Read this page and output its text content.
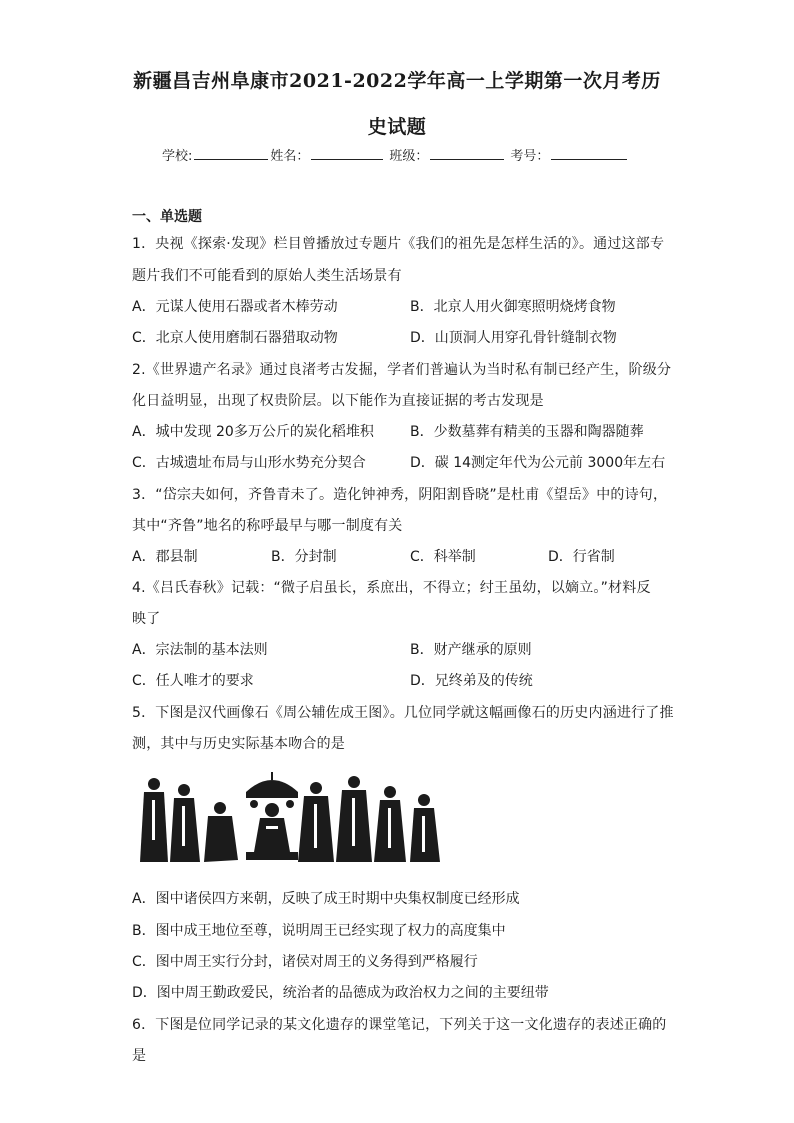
新疆昌吉州阜康市2021-2022学年高一上学期第一次月考历
史试题
学校:	姓名：	班级：	考号：
一、单选题
1．央视《探索·发现》栏目曾播放过专题片《我们的祖先是怎样生活的》。通过这部专
题片我们不可能看到的原始人类生活场景有
A．元谋人使用石器或者木棒劳动	B．北京人用火御寒照明烧烤食物
C．北京人使用磨制石器猎取动物	D．山顶洞人用穿孔骨针缝制衣物
2.《世界遗产名录》通过良渚考古发掘，学者们普遍认为当时私有制已经产生，阶级分
化日益明显，出现了权贵阶层。以下能作为直接证据的考古发现是
A．城中发现 20多万公斤的炭化稻堆积	B．少数墓葬有精美的玉器和陶器随葬
C．古城遗址布局与山形水势充分契合	D．碳 14测定年代为公元前 3000年左右
3．“岱宗夫如何，齐鲁青未了。造化钟神秀，阴阳割昏晓”是杜甫《望岳》中的诗句，
其中“齐鲁”地名的称呼最早与哪一制度有关
A．郡县制	B．分封制	C．科举制	D．行省制
4.《吕氏春秋》记载：“微子启虽长，系庶出，不得立；纣王虽幼，以嫡立。”材料反
映了
A．宗法制的基本法则	B．财产继承的原则
C．任人唯才的要求	D．兄终弟及的传统
5．下图是汉代画像石《周公辅佐成王图》。几位同学就这幅画像石的历史内涵进行了推
测，其中与历史实际基本吻合的是
A．图中诸侯四方来朝，反映了成王时期中央集权制度已经形成
B．图中成王地位至尊，说明周王已经实现了权力的高度集中
C．图中周王实行分封，诸侯对周王的义务得到严格履行
D．图中周王勤政爱民，统治者的品德成为政治权力之间的主要纽带
6．下图是位同学记录的某文化遗存的课堂笔记，下列关于这一文化遗存的表述正确的
是
